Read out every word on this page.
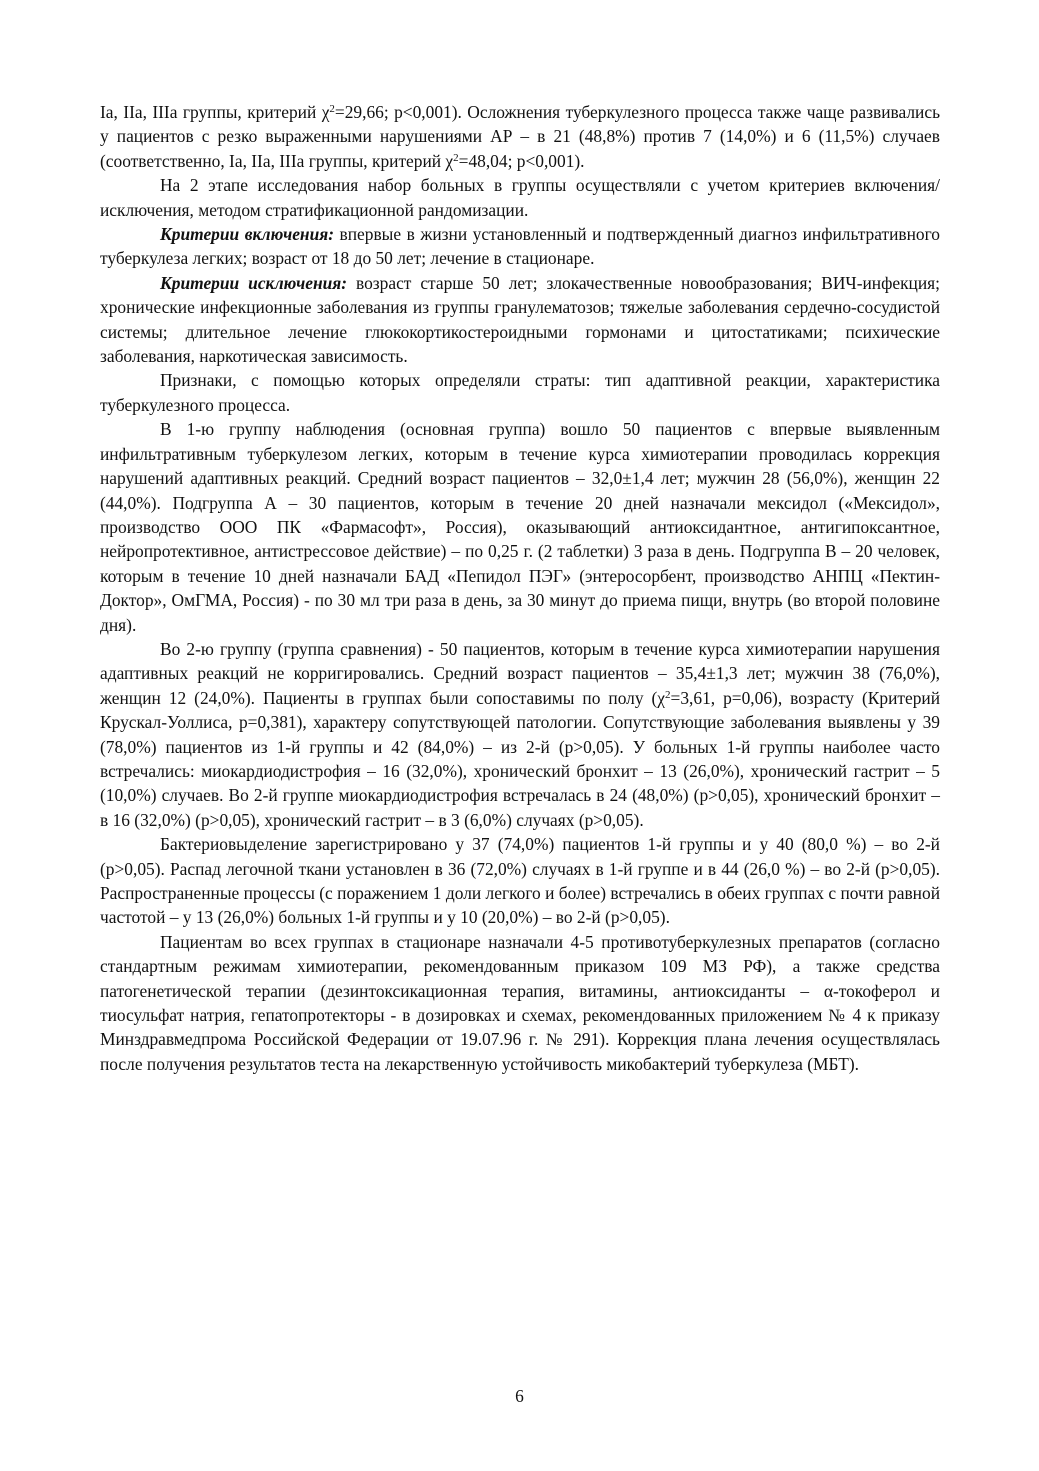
Ia, IIa, IIIa группы, критерий $\chi^2=29,66$; р<0,001). Осложнения туберкулезного процесса также чаще развивались у пациентов с резко выраженными нарушениями АР – в 21 (48,8%) против 7 (14,0%) и 6 (11,5%) случаев (соответственно, Ia, IIa, IIIa группы, критерий $\chi^2=48,04$; р<0,001).

На 2 этапе исследования набор больных в группы осуществляли с учетом критериев включения/исключения, методом стратификационной рандомизации.

Критерии включения: впервые в жизни установленный и подтвержденный диагноз инфильтративного туберкулеза легких; возраст от 18 до 50 лет; лечение в стационаре.

Критерии исключения: возраст старше 50 лет; злокачественные новообразования; ВИЧ-инфекция; хронические инфекционные заболевания из группы гранулематозов; тяжелые заболевания сердечно-сосудистой системы; длительное лечение глюкокортикостероидными гормонами и цитостатиками; психические заболевания, наркотическая зависимость.

Признаки, с помощью которых определяли страты: тип адаптивной реакции, характеристика туберкулезного процесса.

В 1-ю группу наблюдения (основная группа) вошло 50 пациентов с впервые выявленным инфильтративным туберкулезом легких, которым в течение курса химиотерапии проводилась коррекция нарушений адаптивных реакций. Средний возраст пациентов – 32,0±1,4 лет; мужчин 28 (56,0%), женщин 22 (44,0%). Подгруппа А – 30 пациентов, которым в течение 20 дней назначали мексидол («Мексидол», производство ООО ПК «Фармасофт», Россия), оказывающий антиоксидантное, антигипоксантное, нейропротективное, антистрессовое действие) – по 0,25 г. (2 таблетки) 3 раза в день. Подгруппа В – 20 человек, которым в течение 10 дней назначали БАД «Пепидол ПЭГ» (энтеросорбент, производство АНПЦ «Пектин-Доктор», ОмГМА, Россия) - по 30 мл три раза в день, за 30 минут до приема пищи, внутрь (во второй половине дня).

Во 2-ю группу (группа сравнения) - 50 пациентов, которым в течение курса химиотерапии нарушения адаптивных реакций не корригировались. Средний возраст пациентов – 35,4±1,3 лет; мужчин 38 (76,0%), женщин 12 (24,0%). Пациенты в группах были сопоставимы по полу ($\chi^2=3,61$, р=0,06), возрасту (Критерий Крускал-Уоллиса, р=0,381), характеру сопутствующей патологии. Сопутствующие заболевания выявлены у 39 (78,0%) пациентов из 1-й группы и 42 (84,0%) – из 2-й (р>0,05). У больных 1-й группы наиболее часто встречались: миокардиодистрофия – 16 (32,0%), хронический бронхит – 13 (26,0%), хронический гастрит – 5 (10,0%) случаев. Во 2-й группе миокардиодистрофия встречалась в 24 (48,0%) (р>0,05), хронический бронхит – в 16 (32,0%) (р>0,05), хронический гастрит – в 3 (6,0%) случаях (р>0,05).

Бактериовыделение зарегистрировано у 37 (74,0%) пациентов 1-й группы и у 40 (80,0 %) – во 2-й (р>0,05). Распад легочной ткани установлен в 36 (72,0%) случаях в 1-й группе и в 44 (26,0 %) – во 2-й (р>0,05). Распространенные процессы (с поражением 1 доли легкого и более) встречались в обеих группах с почти равной частотой – у 13 (26,0%) больных 1-й группы и у 10 (20,0%) – во 2-й (р>0,05).

Пациентам во всех группах в стационаре назначали 4-5 противотуберкулезных препаратов (согласно стандартным режимам химиотерапии, рекомендованным приказом 109 МЗ РФ), а также средства патогенетической терапии (дезинтоксикационная терапия, витамины, антиоксиданты – α-токоферол и тиосульфат натрия, гепатопротекторы - в дозировках и схемах, рекомендованных приложением № 4 к приказу Минздравмедпрома Российской Федерации от 19.07.96 г. № 291). Коррекция плана лечения осуществлялась после получения результатов теста на лекарственную устойчивость микобактерий туберкулеза (МБТ).

6
